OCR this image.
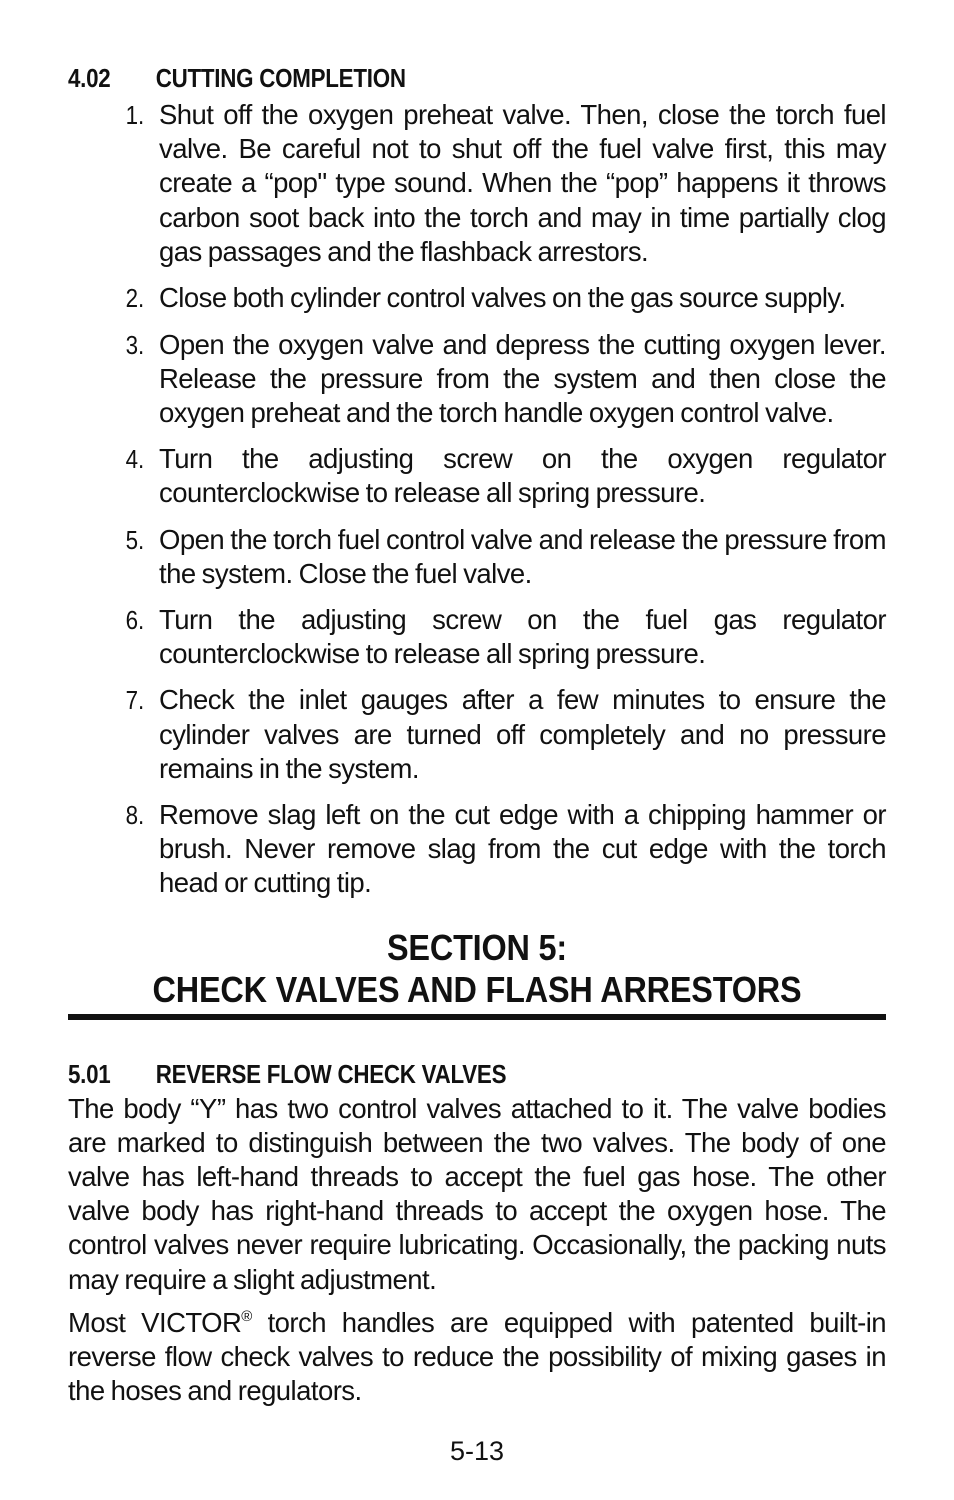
4.02	CUTTING COMPLETION
1. Shut off the oxygen preheat valve. Then, close the torch fuel valve. Be careful not to shut off the fuel valve first, this may create a “pop" type sound. When the “pop” happens it throws carbon soot back into the torch and may in time partially clog gas passages and the flashback arrestors.
2. Close both cylinder control valves on the gas source supply.
3. Open the oxygen valve and depress the cutting oxygen lever. Release the pressure from the system and then close the oxygen preheat and the torch handle oxygen control valve.
4. Turn the adjusting screw on the oxygen regulator counterclockwise to release all spring pressure.
5. Open the torch fuel control valve and release the pressure from the system. Close the fuel valve.
6. Turn the adjusting screw on the fuel gas regulator counterclockwise to release all spring pressure.
7. Check the inlet gauges after a few minutes to ensure the cylinder valves are turned off completely and no pressure remains in the system.
8. Remove slag left on the cut edge with a chipping hammer or brush. Never remove slag from the cut edge with the torch head or cutting tip.
SECTION 5:
CHECK VALVES AND FLASH ARRESTORS
5.01	REVERSE FLOW CHECK VALVES

The body “Y” has two control valves attached to it. The valve bodies are marked to distinguish between the two valves. The body of one valve has left-hand threads to accept the fuel gas hose. The other valve body has right-hand threads to accept the oxygen hose. The control valves never require lubricating. Occasionally, the packing nuts may require a slight adjustment.

Most VICTOR® torch handles are equipped with patented built-in reverse flow check valves to reduce the possibility of mixing gases in the hoses and regulators.

5-13
